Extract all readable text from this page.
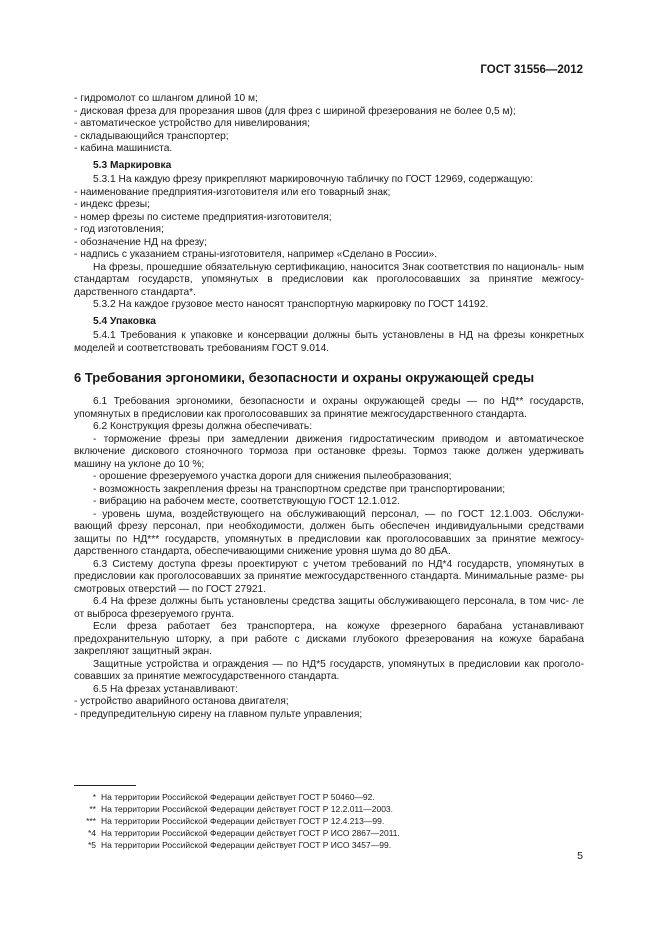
ГОСТ 31556—2012
- гидромолот со шлангом длиной 10 м;
- дисковая фреза для прорезания швов (для фрез с шириной фрезерования не более 0,5 м);
- автоматическое устройство для нивелирования;
- складывающийся транспортер;
- кабина машиниста.

5.3 Маркировка

5.3.1 На каждую фрезу прикрепляют маркировочную табличку по ГОСТ 12969, содержащую:

- наименование предприятия-изготовителя или его товарный знак;
- индекс фрезы;
- номер фрезы по системе предприятия-изготовителя;
- год изготовления;
- обозначение НД на фрезу;
- надпись с указанием страны-изготовителя, например «Сделано в России».

На фрезы, прошедшие обязательную сертификацию, наносится Знак соответствия по националь- ным стандартам государств, упомянутых в предисловии как проголосовавших за принятие межгосу- дарственного стандарта*.

5.3.2 На каждое грузовое место наносят транспортную маркировку по ГОСТ 14192.

5.4 Упаковка

5.4.1 Требования к упаковке и консервации должны быть установлены в НД на фрезы конкретных моделей и соответствовать требованиям ГОСТ 9.014.

6 Требования эргономики, безопасности и охраны окружающей среды

6.1 Требования эргономики, безопасности и охраны окружающей среды — по НД** государств, упомянутых в предисловии как проголосовавших за принятие межгосударственного стандарта.

6.2 Конструкция фрезы должна обеспечивать:

- торможение фрезы при замедлении движения гидростатическим приводом и автоматическое включение дискового стояночного тормоза при остановке фрезы. Тормоз также должен удерживать машину на уклоне до 10 %;

- орошение фрезеруемого участка дороги для снижения пылеобразования;

- возможность закрепления фрезы на транспортном средстве при транспортировании;

- вибрацию на рабочем месте, соответствующую ГОСТ 12.1.012.

- уровень шума, воздействующего на обслуживающий персонал, — по ГОСТ 12.1.003. Обслужи- вающий фрезу персонал, при необходимости, должен быть обеспечен индивидуальными средствами защиты по НД*** государств, упомянутых в предисловии как проголосовавших за принятие межгосу- дарственного стандарта, обеспечивающими снижение уровня шума до 80 дБА.

6.3 Систему доступа фрезы проектируют с учетом требований по НД*4 государств, упомянутых в предисловии как проголосовавших за принятие межгосударственного стандарта. Минимальные разме- ры смотровых отверстий — по ГОСТ 27921.

6.4 На фрезе должны быть установлены средства защиты обслуживающего персонала, в том чис- ле от выброса фрезеруемого грунта.

Если фреза работает без транспортера, на кожухе фрезерного барабана устанавливают предохранительную шторку, а при работе с дисками глубокого фрезерования на кожухе барабана закрепляют защитный экран.

Защитные устройства и ограждения — по НД*5 государств, упомянутых в предисловии как проголо- совавших за принятие межгосударственного стандарта.

6.5 На фрезах устанавливают:

- устройство аварийного останова двигателя;
- предупредительную сирену на главном пульте управления;
* На территории Российской Федерации действует ГОСТ Р 50460—92.
** На территории Российской Федерации действует ГОСТ Р 12.2.011—2003.
*** На территории Российской Федерации действует ГОСТ Р 12.4.213—99.
*4 На территории Российской Федерации действует ГОСТ Р ИСО 2867—2011.
*5 На территории Российской Федерации действует ГОСТ Р ИСО 3457—99.
5
